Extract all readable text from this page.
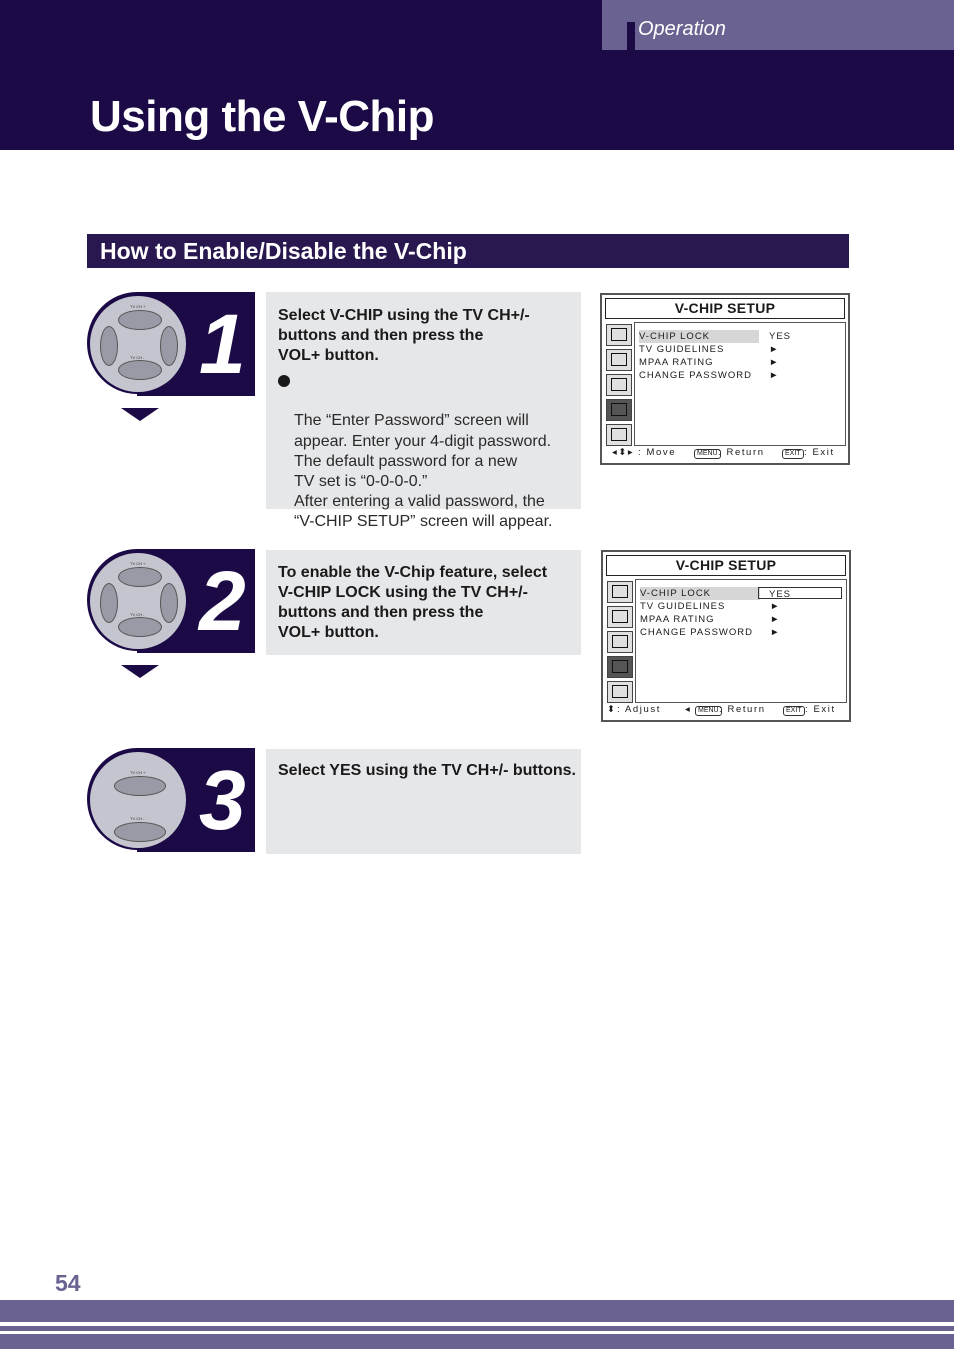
Operation
Using the V-Chip
How to Enable/Disable the V-Chip
TV CH +
TV CH - 1 Select V-CHIP using the TV CH+/-
buttons and then press the
VOL+ button.

The “Enter Password” screen will
appear. Enter your 4-digit password.
The default password for a new
TV set is “0-0-0-0.”
After entering a valid password, the
“V-CHIP SETUP” screen will appear.

V-CHIP SETUP
V-CHIP LOCK	YES
TV GUIDELINES	►
MPAA RATING	►
CHANGE PASSWORD	►
◂⬍▸ : Move	MENU : Return	EXIT : Exit
TV CH +
TV CH - 2 To enable the V-Chip feature, select
V-CHIP LOCK using the TV CH+/-
buttons and then press the
VOL+ button.
V-CHIP SETUP
V-CHIP LOCK	YES
TV GUIDELINES	►
MPAA RATING	►
CHANGE PASSWORD	►
⬍ : Adjust	◂ MENU : Return	EXIT : Exit
TV CH +
TV CH - 3 Select YES using the TV CH+/- buttons.
54
